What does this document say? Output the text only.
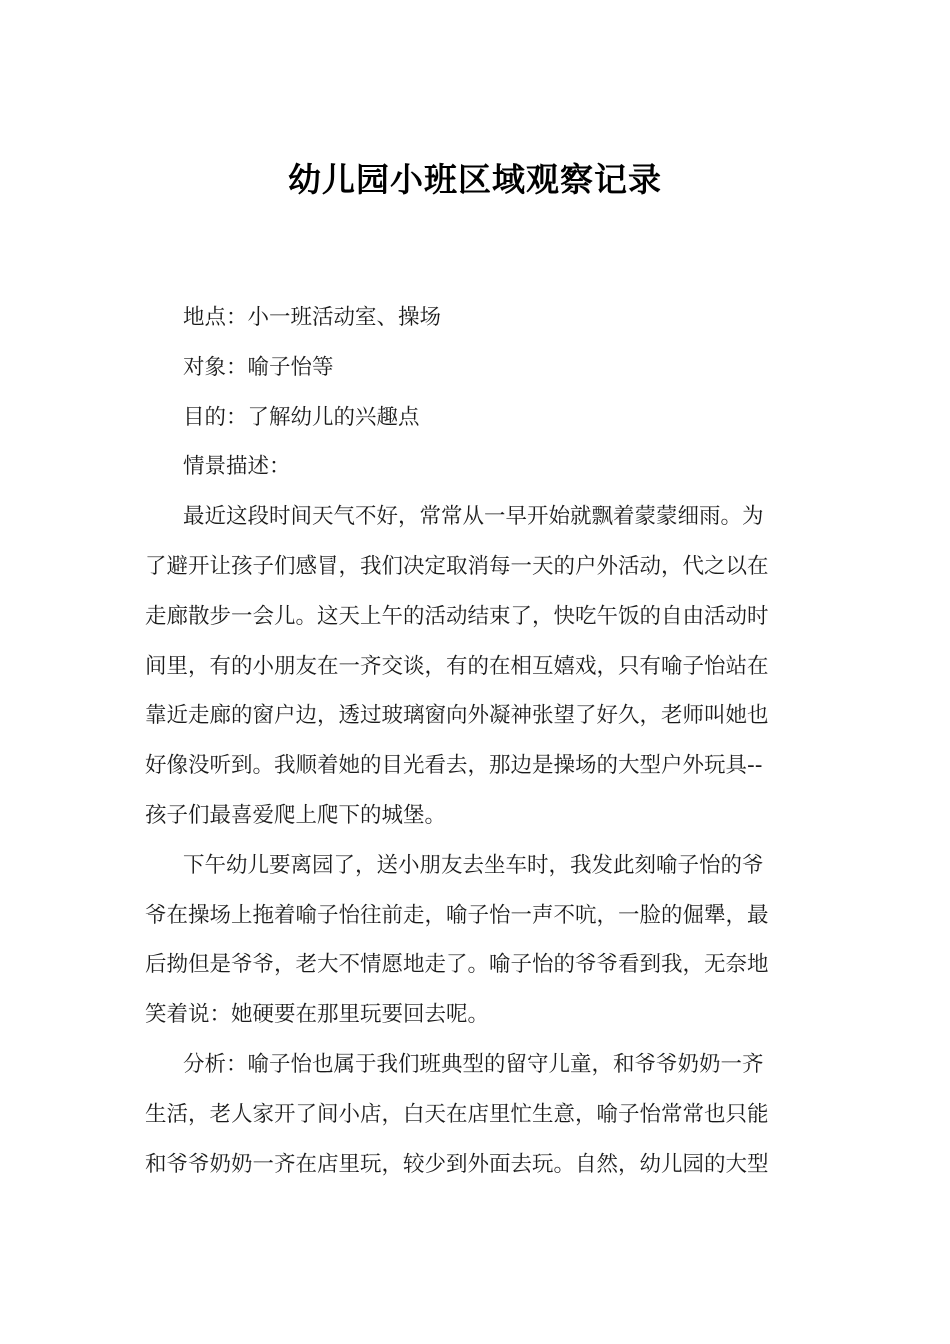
幼儿园小班区域观察记录
地点：小一班活动室、操场
对象：喻子怡等
目的：了解幼儿的兴趣点
情景描述：
最近这段时间天气不好，常常从一早开始就飘着蒙蒙细雨。为
了避开让孩子们感冒，我们决定取消每一天的户外活动，代之以在
走廊散步一会儿。这天上午的活动结束了，快吃午饭的自由活动时
间里，有的小朋友在一齐交谈，有的在相互嬉戏，只有喻子怡站在
靠近走廊的窗户边，透过玻璃窗向外凝神张望了好久，老师叫她也
好像没听到。我顺着她的目光看去，那边是操场的大型户外玩具--
孩子们最喜爱爬上爬下的城堡。
下午幼儿要离园了，送小朋友去坐车时，我发此刻喻子怡的爷
爷在操场上拖着喻子怡往前走，喻子怡一声不吭，一脸的倔犟，最
后拗但是爷爷，老大不情愿地走了。喻子怡的爷爷看到我，无奈地
笑着说：她硬要在那里玩要回去呢。
分析：喻子怡也属于我们班典型的留守儿童，和爷爷奶奶一齐
生活，老人家开了间小店，白天在店里忙生意，喻子怡常常也只能
和爷爷奶奶一齐在店里玩，较少到外面去玩。自然，幼儿园的大型
